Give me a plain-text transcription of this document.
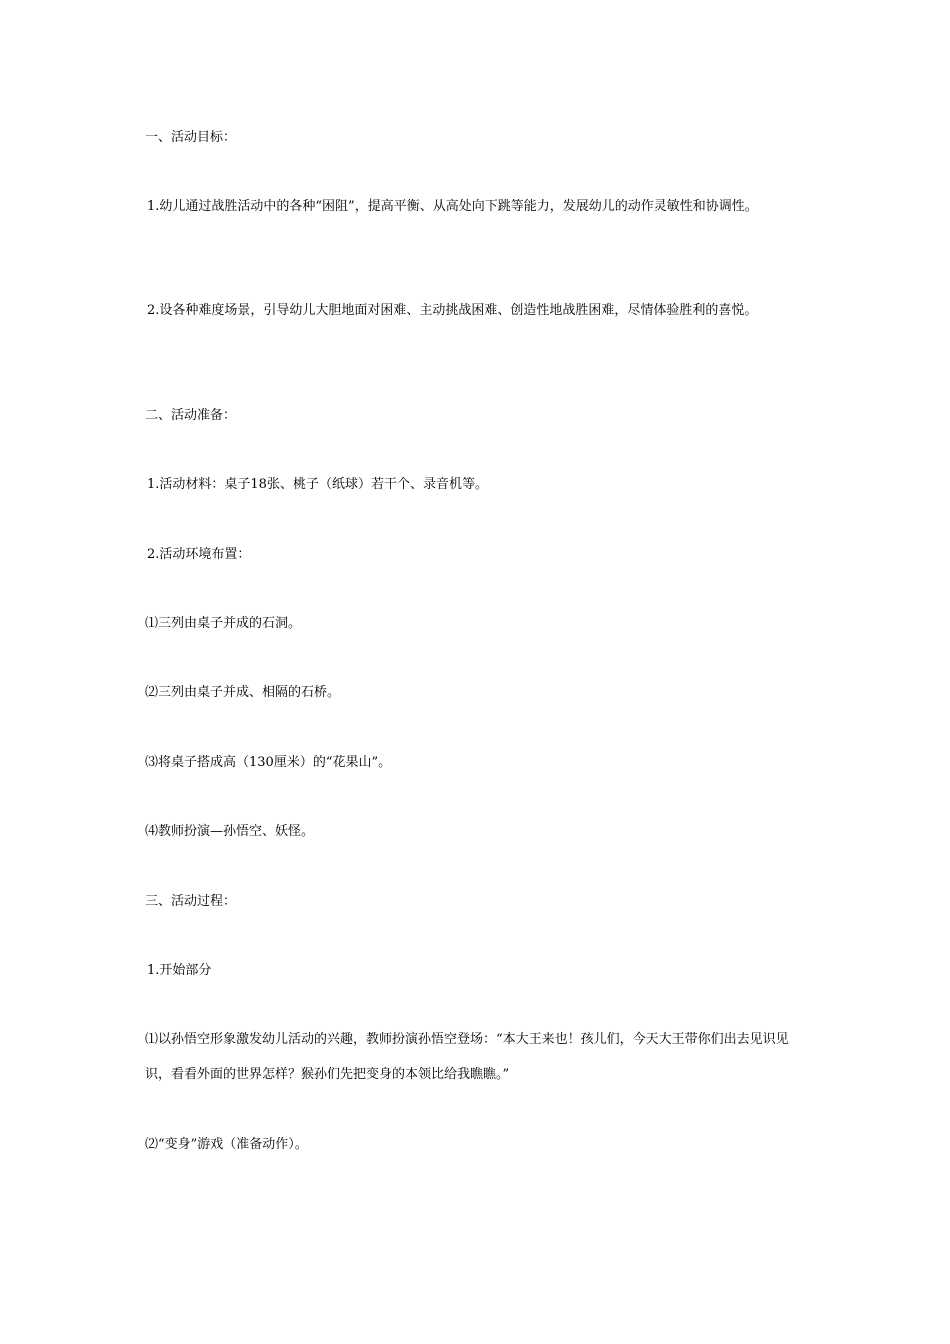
一、活动目标：
1.幼儿通过战胜活动中的各种“困阻”，提高平衡、从高处向下跳等能力，发展幼儿的动作灵敏性和协调性。
2.设各种难度场景，引导幼儿大胆地面对困难、主动挑战困难、创造性地战胜困难，尽情体验胜利的喜悦。
二、活动准备：
1.活动材料：桌子18张、桃子（纸球）若干个、录音机等。
2.活动环境布置：
⑴三列由桌子并成的石洞。
⑵三列由桌子并成、相隔的石桥。
⑶将桌子搭成高（130厘米）的“花果山”。
⑷教师扮演—孙悟空、妖怪。
三、活动过程：
1.开始部分
⑴以孙悟空形象激发幼儿活动的兴趣，教师扮演孙悟空登场：“本大王来也！孩儿们，今天大王带你们出去见识见识，看看外面的世界怎样？猴孙们先把变身的本领比给我瞧瞧。”
⑵“变身”游戏（准备动作）。
